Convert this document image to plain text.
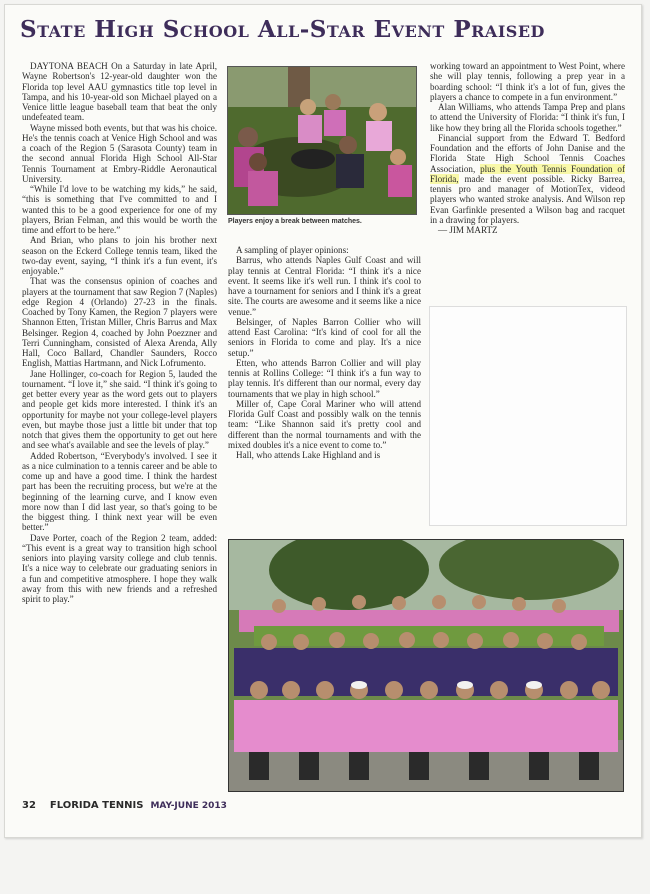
State High School All-Star Event Praised

DAYTONA BEACH On a Saturday in late April, Wayne Robertson's 12-year-old daughter won the Florida top level AAU gymnastics title top level in Tampa, and his 10-year-old son Michael played on a Venice little league baseball team that beat the only undefeated team.

Wayne missed both events, but that was his choice. He's the tennis coach at Venice High School and was a coach of the Region 5 (Sarasota County) team in the second annual Florida High School All-Star Tennis Tournament at Embry-Riddle Aeronautical University.

“While I'd love to be watching my kids,” he said, “this is something that I've committed to and I wanted this to be a good experience for one of my players, Brian Felman, and this would be worth the time and effort to be here.”

And Brian, who plans to join his brother next season on the Eckerd College tennis team, liked the two-day event, saying, “I think it's a fun event, it's enjoyable.”

That was the consensus opinion of coaches and players at the tournament that saw Region 7 (Naples) edge Region 4 (Orlando) 27-23 in the finals. Coached by Tony Kamen, the Region 7 players were Shannon Etten, Tristan Miller, Chris Barrus and Max Belsinger. Region 4, coached by John Poezzner and Terri Cunningham, consisted of Alexa Arenda, Ally Hall, Coco Ballard, Chandler Saunders, Rocco English, Mattias Hartmann, and Nick Lofrumento.

Jane Hollinger, co-coach for Region 5, lauded the tournament. “I love it,” she said. “I think it's going to get better every year as the word gets out to players and people get kids more interested. I think it's an opportunity for maybe not your college-level players even, but maybe those just a little bit under that top notch that gives them the opportunity to get out here and see what's available and see the levels of play.”

Added Robertson, “Everybody's involved. I see it as a nice culmination to a tennis career and be able to come up and have a good time. I think the hardest part has been the recruiting process, but we're at the beginning of the learning curve, and I know even more now than I did last year, so that's going to be the biggest thing. I think next year will be even better.”

Dave Porter, coach of the Region 2 team, added: “This event is a great way to transition high school seniors into playing varsity college and club tennis. It's a nice way to celebrate our graduating seniors in a fun and competitive atmosphere. I hope they walk away from this with new friends and a refreshed spirit to play.”

Players enjoy a break between matches.

A sampling of player opinions:

Barrus, who attends Naples Gulf Coast and will play tennis at Central Florida: “I think it's a nice event. It seems like it's well run. I think it's cool to have a tournament for seniors and I think it's a great site. The courts are awesome and it seems like a nice venue.”

Belsinger, of Naples Barron Collier who will attend East Carolina: “It's kind of cool for all the seniors in Florida to come and play. It's a nice setup.”

Etten, who attends Barron Collier and will play tennis at Rollins College: “I think it's a fun way to play tennis. It's different than our normal, every day tournaments that we play in high school.”

Miller of, Cape Coral Mariner who will attend Florida Gulf Coast and possibly walk on the tennis team: “Like Shannon said it's pretty cool and different than the normal tournaments and with the mixed doubles it's a nice event to come to.”

Hall, who attends Lake Highland and is

working toward an appointment to West Point, where she will play tennis, following a prep year in a boarding school: “I think it's a lot of fun, gives the players a chance to compete in a fun environment.”

Alan Williams, who attends Tampa Prep and plans to attend the University of Florida: “I think it's fun, I like how they bring all the Florida schools together.”

Financial support from the Edward T. Bedford Foundation and the efforts of John Danise and the Florida State High School Tennis Coaches Association, plus the Youth Tennis Foundation of Florida, made the event possible. Ricky Barrea, tennis pro and manager of MotionTex, videod players who wanted stroke analysis. And Wilson rep Evan Garfinkle presented a Wilson bag and racquet in a drawing for players.

— JIM MARTZ

32 FLORIDA TENNIS MAY-JUNE 2013
